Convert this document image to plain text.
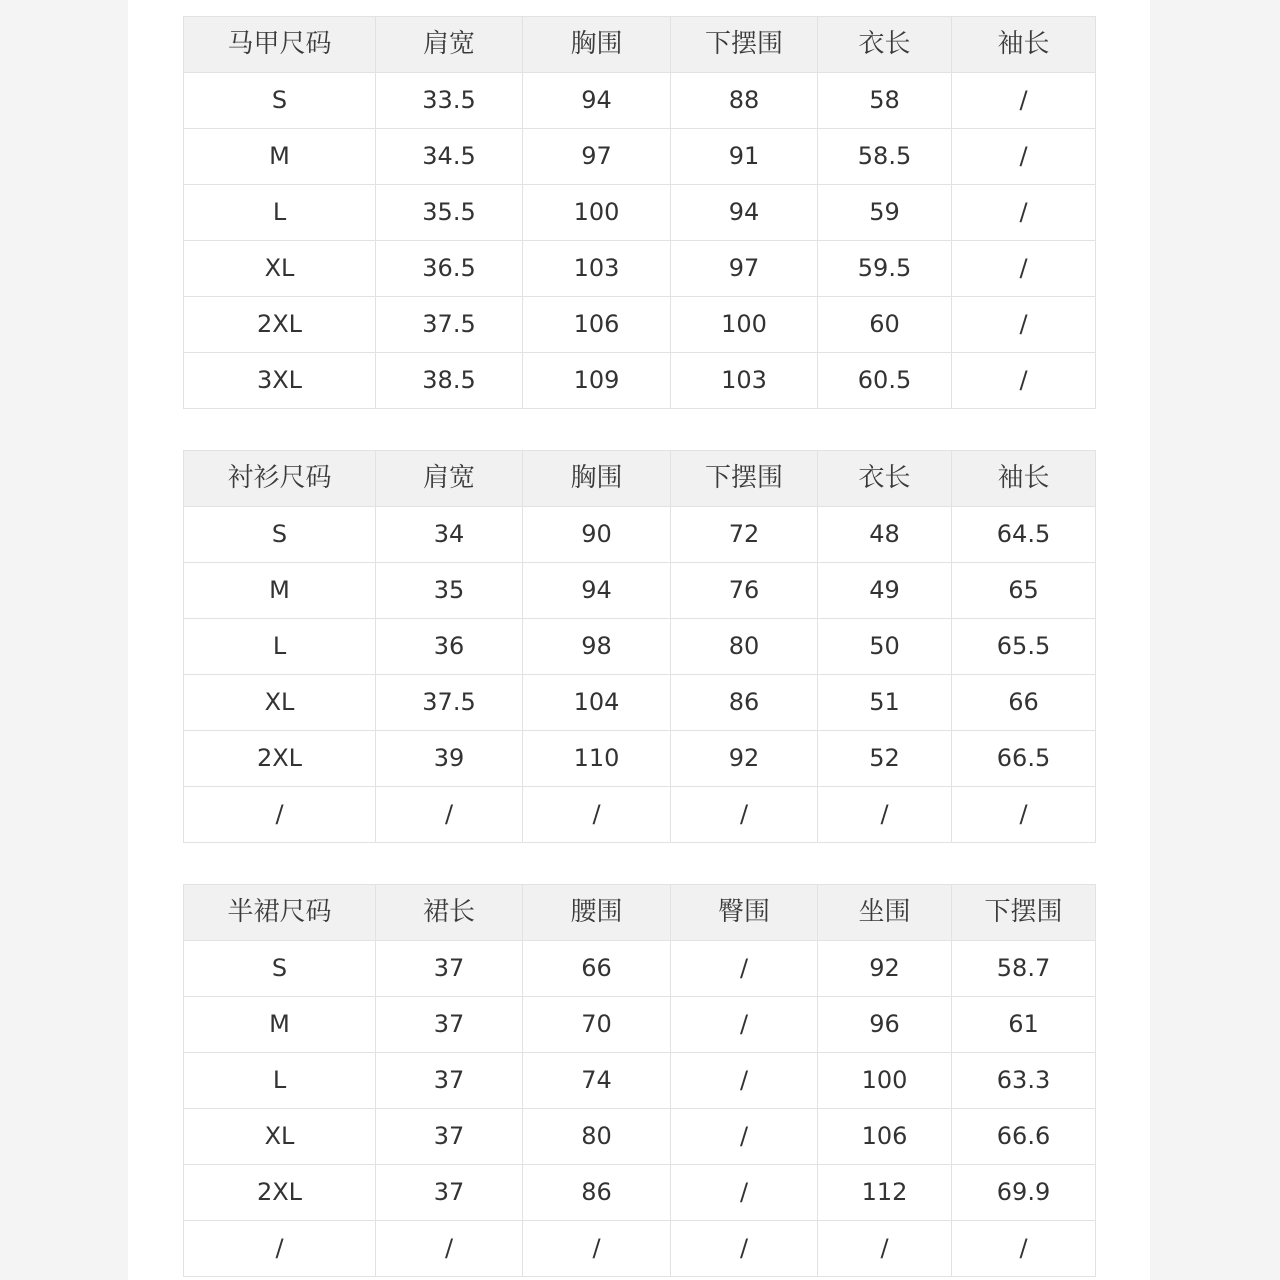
马甲尺码	肩宽	胸围	下摆围	衣长	袖长
S	33.5	94	88	58	/
M	34.5	97	91	58.5	/
L	35.5	100	94	59	/
XL	36.5	103	97	59.5	/
2XL	37.5	106	100	60	/
3XL	38.5	109	103	60.5	/
衬衫尺码	肩宽	胸围	下摆围	衣长	袖长
S	34	90	72	48	64.5
M	35	94	76	49	65
L	36	98	80	50	65.5
XL	37.5	104	86	51	66
2XL	39	110	92	52	66.5
/	/	/	/	/	/
半裙尺码	裙长	腰围	臀围	坐围	下摆围
S	37	66	/	92	58.7
M	37	70	/	96	61
L	37	74	/	100	63.3
XL	37	80	/	106	66.6
2XL	37	86	/	112	69.9
/	/	/	/	/	/
